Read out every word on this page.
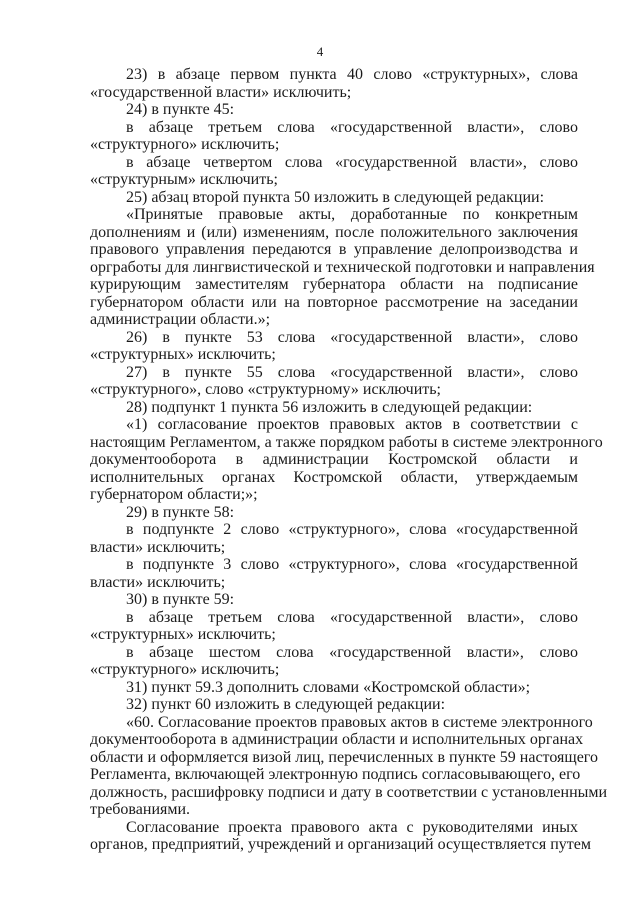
4
23) в абзаце первом пункта 40 слово «структурных», слова
«государственной власти» исключить;
24) в пункте 45:
в абзаце третьем слова «государственной власти», слово
«структурного» исключить;
в абзаце четвертом слова «государственной власти», слово
«структурным» исключить;
25) абзац второй пункта 50 изложить в следующей редакции:
«Принятые правовые акты, доработанные по конкретным
дополнениям и (или) изменениям, после положительного заключения
правового управления передаются в управление делопроизводства и
оргработы для лингвистической и технической подготовки и направления
курирующим заместителям губернатора области на подписание
губернатором области или на повторное рассмотрение на заседании
администрации области.»;
26) в пункте 53 слова «государственной власти», слово
«структурных» исключить;
27) в пункте 55 слова «государственной власти», слово
«структурного», слово «структурному» исключить;
28) подпункт 1 пункта 56 изложить в следующей редакции:
«1) согласование проектов правовых актов в соответствии с
настоящим Регламентом, а также порядком работы в системе электронного
документооборота в администрации Костромской области и
исполнительных органах Костромской области, утверждаемым
губернатором области;»;
29) в пункте 58:
в подпункте 2 слово «структурного», слова «государственной
власти» исключить;
в подпункте 3 слово «структурного», слова «государственной
власти» исключить;
30) в пункте 59:
в абзаце третьем слова «государственной власти», слово
«структурных» исключить;
в абзаце шестом слова «государственной власти», слово
«структурного» исключить;
31) пункт 59.3 дополнить словами «Костромской области»;
32) пункт 60 изложить в следующей редакции:
«60. Согласование проектов правовых актов в системе электронного
документооборота в администрации области и исполнительных органах
области и оформляется визой лиц, перечисленных в пункте 59 настоящего
Регламента, включающей электронную подпись согласовывающего, его
должность, расшифровку подписи и дату в соответствии с установленными
требованиями.
Согласование проекта правового акта с руководителями иных
органов, предприятий, учреждений и организаций осуществляется путем
